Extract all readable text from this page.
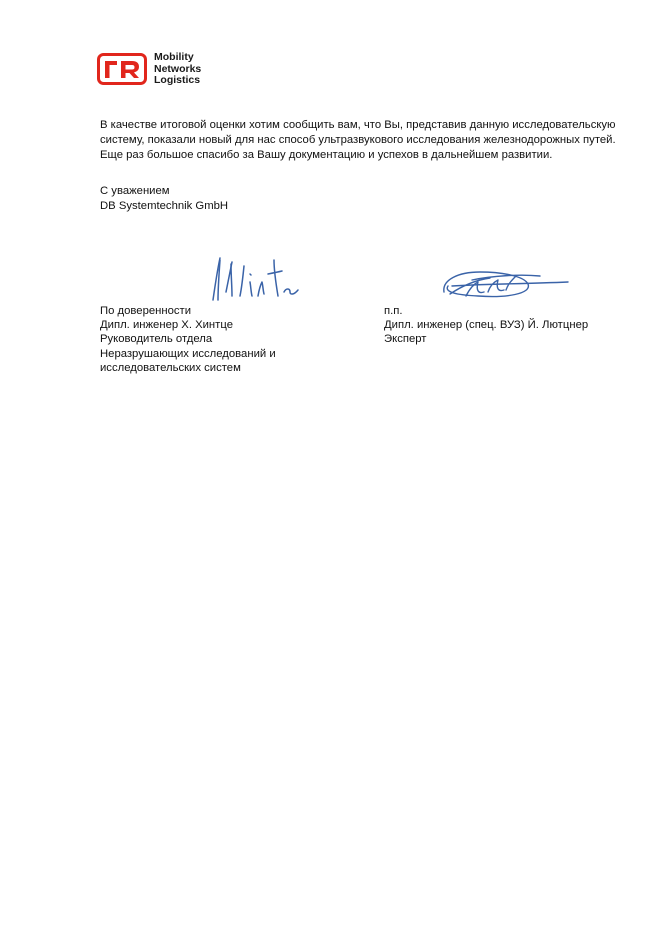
Mobility
Networks
Logistics

В качестве итоговой оценки хотим сообщить вам, что Вы, представив данную исследовательскую систему, показали новый для нас способ ультразвукового исследования железнодорожных путей. Еще раз большое спасибо за Вашу документацию и успехов в дальнейшем развитии.

С уважением
DB Systemtechnik GmbH
По доверенности
Дипл. инженер Х. Хинтце
Руководитель отдела
Неразрушающих исследований и
исследовательских систем
п.п.
Дипл. инженер (спец. ВУЗ) Й. Лютцнер
Эксперт
